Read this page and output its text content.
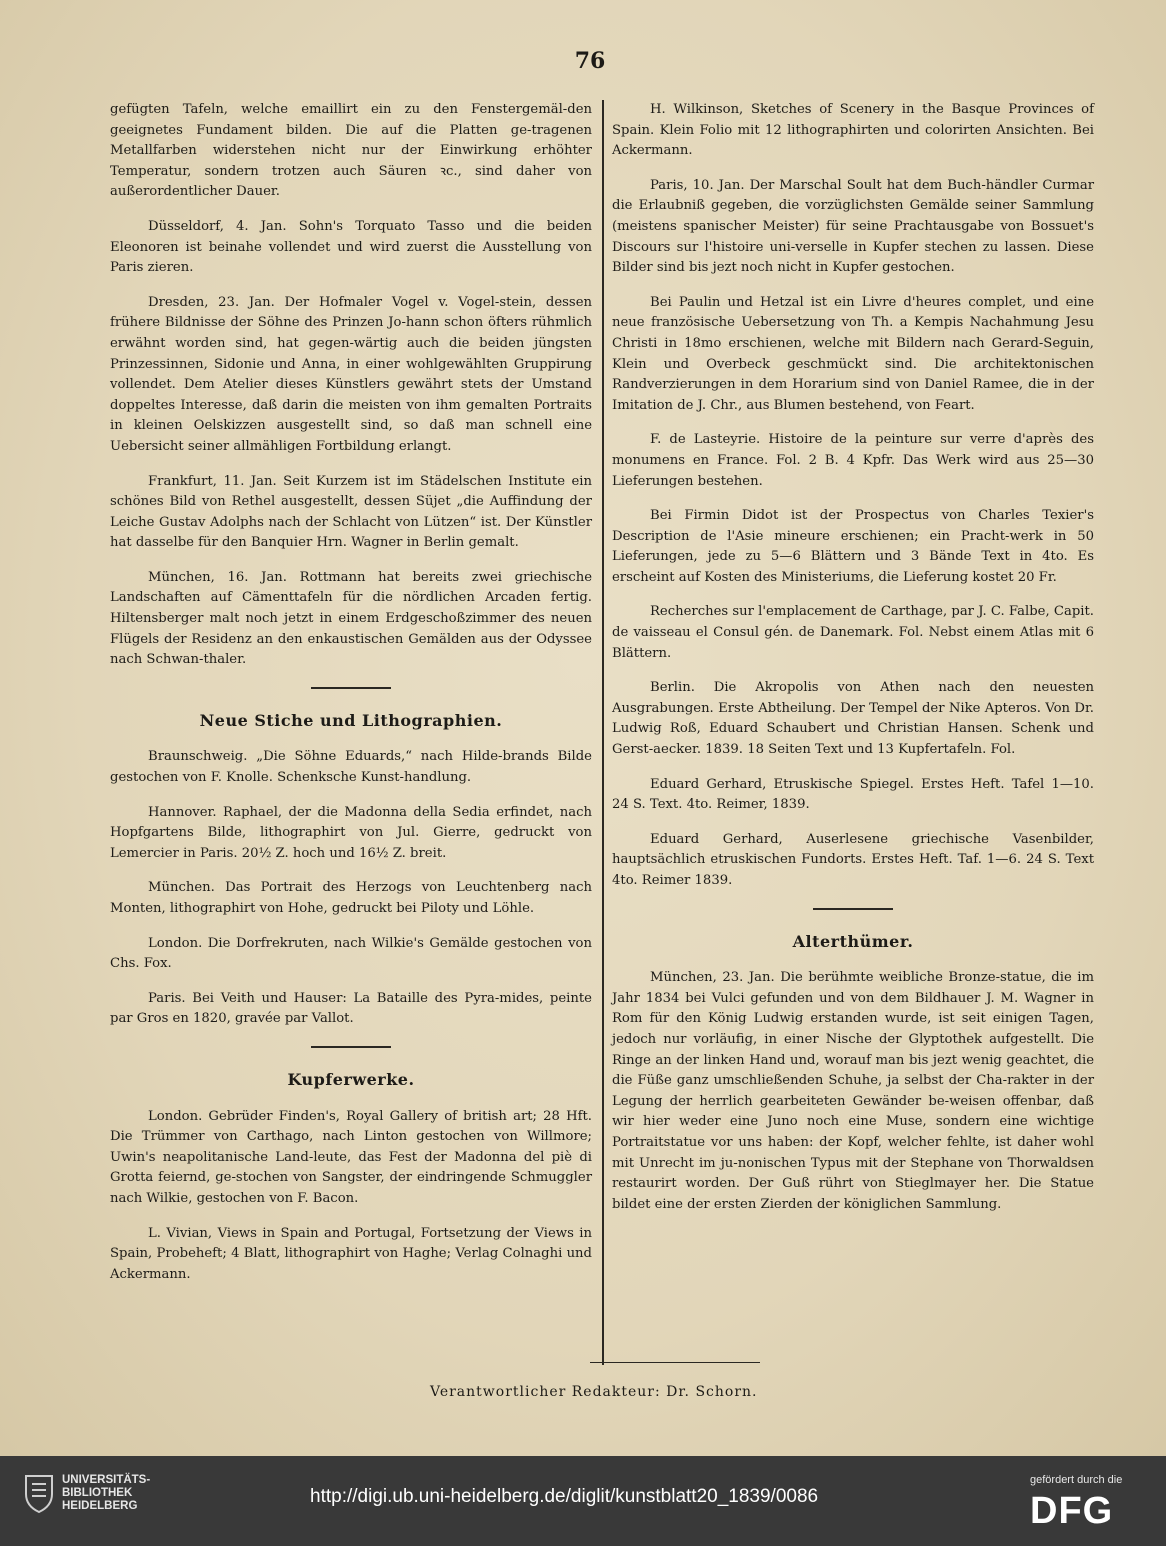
76

gefügten Tafeln, welche emaillirt ein zu den Fenstergemäl-den geeignetes Fundament bilden. Die auf die Platten ge-tragenen Metallfarben widerstehen nicht nur der Einwirkung erhöhter Temperatur, sondern trotzen auch Säuren ꝛc., sind daher von außerordentlicher Dauer.

Düsseldorf, 4. Jan. Sohn's Torquato Tasso und die beiden Eleonoren ist beinahe vollendet und wird zuerst die Ausstellung von Paris zieren.

Dresden, 23. Jan. Der Hofmaler Vogel v. Vogel-stein, dessen frühere Bildnisse der Söhne des Prinzen Jo-hann schon öfters rühmlich erwähnt worden sind, hat gegen-wärtig auch die beiden jüngsten Prinzessinnen, Sidonie und Anna, in einer wohlgewählten Gruppirung vollendet. Dem Atelier dieses Künstlers gewährt stets der Umstand doppeltes Interesse, daß darin die meisten von ihm gemalten Portraits in kleinen Oelskizzen ausgestellt sind, so daß man schnell eine Uebersicht seiner allmähligen Fortbildung erlangt.

Frankfurt, 11. Jan. Seit Kurzem ist im Städelschen Institute ein schönes Bild von Rethel ausgestellt, dessen Süjet „die Auffindung der Leiche Gustav Adolphs nach der Schlacht von Lützen“ ist. Der Künstler hat dasselbe für den Banquier Hrn. Wagner in Berlin gemalt.

München, 16. Jan. Rottmann hat bereits zwei griechische Landschaften auf Cämenttafeln für die nördlichen Arcaden fertig. Hiltensberger malt noch jetzt in einem Erdgeschoßzimmer des neuen Flügels der Residenz an den enkaustischen Gemälden aus der Odyssee nach Schwan-thaler.

Neue Stiche und Lithographien.

Braunschweig. „Die Söhne Eduards,“ nach Hilde-brands Bilde gestochen von F. Knolle. Schenksche Kunst-handlung.

Hannover. Raphael, der die Madonna della Sedia erfindet, nach Hopfgartens Bilde, lithographirt von Jul. Gierre, gedruckt von Lemercier in Paris. 20½ Z. hoch und 16½ Z. breit.

München. Das Portrait des Herzogs von Leuchtenberg nach Monten, lithographirt von Hohe, gedruckt bei Piloty und Löhle.

London. Die Dorfrekruten, nach Wilkie's Gemälde gestochen von Chs. Fox.

Paris. Bei Veith und Hauser: La Bataille des Pyra-mides, peinte par Gros en 1820, gravée par Vallot.

Kupferwerke.

London. Gebrüder Finden's, Royal Gallery of british art; 28 Hft. Die Trümmer von Carthago, nach Linton gestochen von Willmore; Uwin's neapolitanische Land-leute, das Fest der Madonna del piè di Grotta feiernd, ge-stochen von Sangster, der eindringende Schmuggler nach Wilkie, gestochen von F. Bacon.

L. Vivian, Views in Spain and Portugal, Fortsetzung der Views in Spain, Probeheft; 4 Blatt, lithographirt von Haghe; Verlag Colnaghi und Ackermann.

H. Wilkinson, Sketches of Scenery in the Basque Provinces of Spain. Klein Folio mit 12 lithographirten und colorirten Ansichten. Bei Ackermann.

Paris, 10. Jan. Der Marschal Soult hat dem Buch-händler Curmar die Erlaubniß gegeben, die vorzüglichsten Gemälde seiner Sammlung (meistens spanischer Meister) für seine Prachtausgabe von Bossuet's Discours sur l'histoire uni-verselle in Kupfer stechen zu lassen. Diese Bilder sind bis jezt noch nicht in Kupfer gestochen.

Bei Paulin und Hetzal ist ein Livre d'heures complet, und eine neue französische Uebersetzung von Th. a Kempis Nachahmung Jesu Christi in 18mo erschienen, welche mit Bildern nach Gerard-Seguin, Klein und Overbeck geschmückt sind. Die architektonischen Randverzierungen in dem Horarium sind von Daniel Ramee, die in der Imitation de J. Chr., aus Blumen bestehend, von Feart.

F. de Lasteyrie. Histoire de la peinture sur verre d'après des monumens en France. Fol. 2 B. 4 Kpfr. Das Werk wird aus 25—30 Lieferungen bestehen.

Bei Firmin Didot ist der Prospectus von Charles Texier's Description de l'Asie mineure erschienen; ein Pracht-werk in 50 Lieferungen, jede zu 5—6 Blättern und 3 Bände Text in 4to. Es erscheint auf Kosten des Ministeriums, die Lieferung kostet 20 Fr.

Recherches sur l'emplacement de Carthage, par J. C. Falbe, Capit. de vaisseau el Consul gén. de Danemark. Fol. Nebst einem Atlas mit 6 Blättern.

Berlin. Die Akropolis von Athen nach den neuesten Ausgrabungen. Erste Abtheilung. Der Tempel der Nike Apteros. Von Dr. Ludwig Roß, Eduard Schaubert und Christian Hansen. Schenk und Gerst-aecker. 1839. 18 Seiten Text und 13 Kupfertafeln. Fol.

Eduard Gerhard, Etruskische Spiegel. Erstes Heft. Tafel 1—10. 24 S. Text. 4to. Reimer, 1839.

Eduard Gerhard, Auserlesene griechische Vasenbilder, hauptsächlich etruskischen Fundorts. Erstes Heft. Taf. 1—6. 24 S. Text 4to. Reimer 1839.

Alterthümer.

München, 23. Jan. Die berühmte weibliche Bronze-statue, die im Jahr 1834 bei Vulci gefunden und von dem Bildhauer J. M. Wagner in Rom für den König Ludwig erstanden wurde, ist seit einigen Tagen, jedoch nur vorläufig, in einer Nische der Glyptothek aufgestellt. Die Ringe an der linken Hand und, worauf man bis jezt wenig geachtet, die die Füße ganz umschließenden Schuhe, ja selbst der Cha-rakter in der Legung der herrlich gearbeiteten Gewänder be-weisen offenbar, daß wir hier weder eine Juno noch eine Muse, sondern eine wichtige Portraitstatue vor uns haben: der Kopf, welcher fehlte, ist daher wohl mit Unrecht im ju-nonischen Typus mit der Stephane von Thorwaldsen restaurirt worden. Der Guß rührt von Stieglmayer her. Die Statue bildet eine der ersten Zierden der königlichen Sammlung.

Verantwortlicher Redakteur: Dr. Schorn.
UNIVERSITÄTS-
BIBLIOTHEK
HEIDELBERG	http://digi.ub.uni-heidelberg.de/diglit/kunstblatt20_1839/0086
gefördert durch die
DFG
